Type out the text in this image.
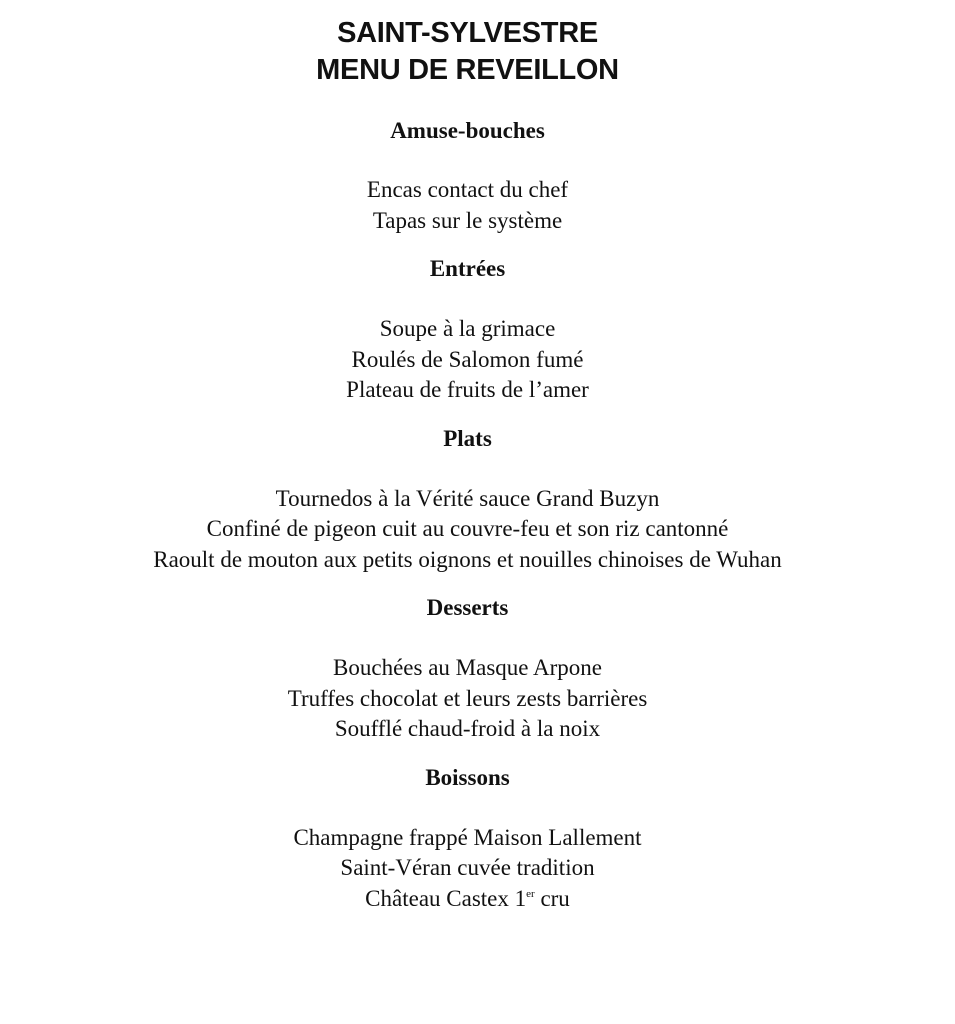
SAINT-SYLVESTRE
MENU DE REVEILLON
Amuse-bouches
Encas contact du chef
Tapas sur le système
Entrées
Soupe à la grimace
Roulés de Salomon fumé
Plateau de fruits de l’amer
Plats
Tournedos à la Vérité sauce Grand Buzyn
Confiné de pigeon cuit au couvre-feu et son riz cantonné
Raoult de mouton aux petits oignons et nouilles chinoises de Wuhan
Desserts
Bouchées au Masque Arpone
Truffes chocolat et leurs zests barrières
Soufflé chaud-froid à la noix
Boissons
Champagne frappé Maison Lallement
Saint-Véran cuvée tradition
Château Castex 1er cru
